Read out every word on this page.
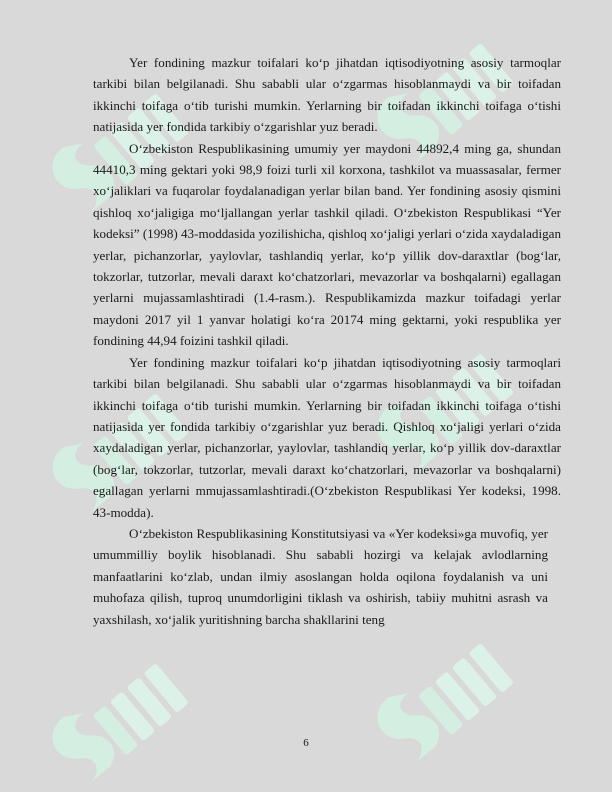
Yer fondining mazkur toifalari ko‘p jihatdan iqtisodiyotning asosiy tarmoqlar tarkibi bilan belgilanadi. Shu sababli ular o‘zgarmas hisoblanmaydi va bir toifadan ikkinchi toifaga o‘tib turishi mumkin. Yerlarning bir toifadan ikkinchi toifaga o‘tishi natijasida yer fondida tarkibiy o‘zgarishlar yuz beradi.

O‘zbekiston Respublikasining umumiy yer maydoni 44892,4 ming ga, shundan 44410,3 ming gektari yoki 98,9 foizi turli xil korxona, tashkilot va muassasalar, fermer xo‘jaliklari va fuqarolar foydalanadigan yerlar bilan band. Yer fondining asosiy qismini qishloq xo‘jaligiga mo‘ljallangan yerlar tashkil qiladi. O‘zbekiston Respublikasi “Yer kodeksi” (1998) 43-moddasida yozilishicha, qishloq xo‘jaligi yerlari o‘zida xaydaladigan yerlar, pichanzorlar, yaylovlar, tashlandiq yerlar, ko‘p yillik dov-daraxtlar (bog‘lar, tokzorlar, tutzorlar, mevali daraxt ko‘chatzorlari, mevazorlar va boshqalarni) egallagan yerlarni mujassamlashtiradi (1.4-rasm.). Respublikamizda mazkur toifadagi yerlar maydoni 2017 yil 1 yanvar holatigi ko‘ra 20174 ming gektarni, yoki respublika yer fondining 44,94 foizini tashkil qiladi.

Yer fondining mazkur toifalari ko‘p jihatdan iqtisodiyotning asosiy tarmoqlari tarkibi bilan belgilanadi. Shu sababli ular o‘zgarmas hisoblanmaydi va bir toifadan ikkinchi toifaga o‘tib turishi mumkin. Yerlarning bir toifadan ikkinchi toifaga o‘tishi natijasida yer fondida tarkibiy o‘zgarishlar yuz beradi. Qishloq xo‘jaligi yerlari o‘zida xaydaladigan yerlar, pichanzorlar, yaylovlar, tashlandiq yerlar, ko‘p yillik dov-daraxtlar (bog‘lar, tokzorlar, tutzorlar, mevali daraxt ko‘chatzorlari, mevazorlar va boshqalarni) egallagan yerlarni mmujassamlashtiradi.(O‘zbekiston Respublikasi Yer kodeksi, 1998. 43-modda).

O‘zbekiston Respublikasining Konstitutsiyasi va «Yer kodeksi»ga muvofiq, yer umummilliy boylik hisoblanadi. Shu sababli hozirgi va kelajak avlodlarning manfaatlarini ko‘zlab, undan ilmiy asoslangan holda oqilona foydalanish va uni muhofaza qilish, tuproq unumdorligini tiklash va oshirish, tabiiy muhitni asrash va yaxshilash, xo‘jalik yuritishning barcha shakllarini teng

6
